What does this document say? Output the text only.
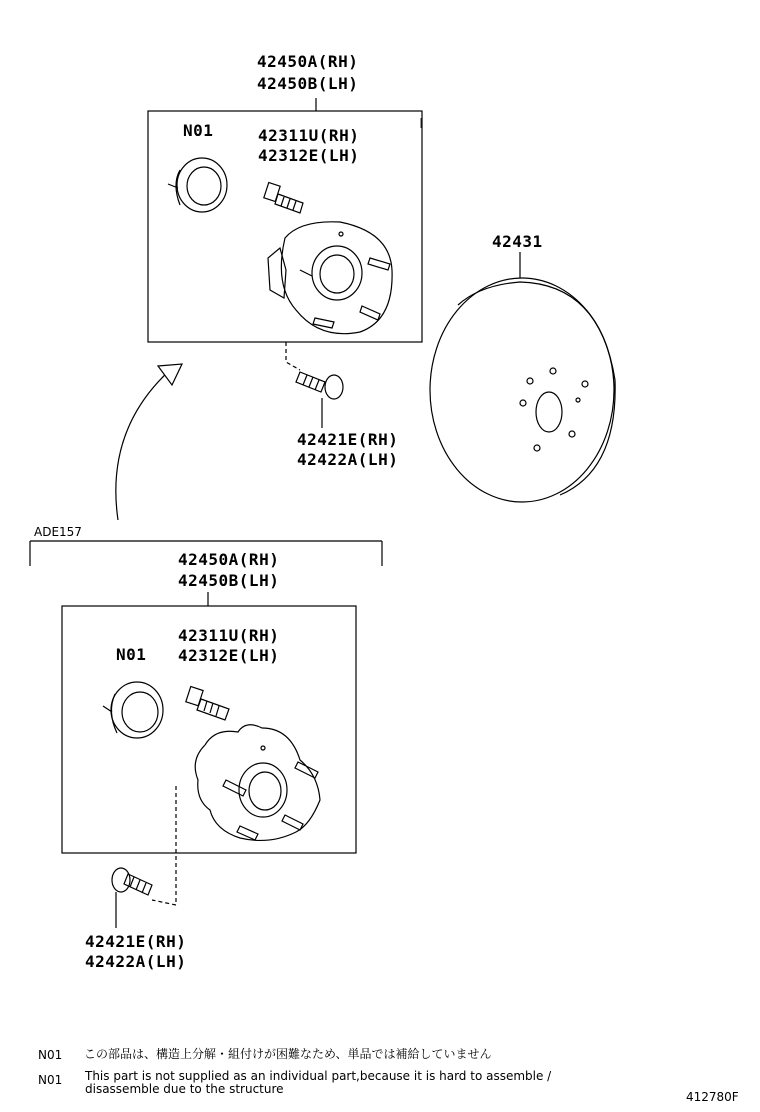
42450A(RH)
42450B(LH)
N01	42311U(RH)
42312E(LH)
42421E(RH)
42422A(LH)
42431
ADE157
42450A(RH)
42450B(LH)
42311U(RH)
42312E(LH)
N01
42421E(RH)
42422A(LH)
N01 この部品は、構造上分解・組付けが困難なため、単品では補給していません
N01 This part is not supplied as an individual part,because it is hard to assemble / disassemble due to the structure
412780F
